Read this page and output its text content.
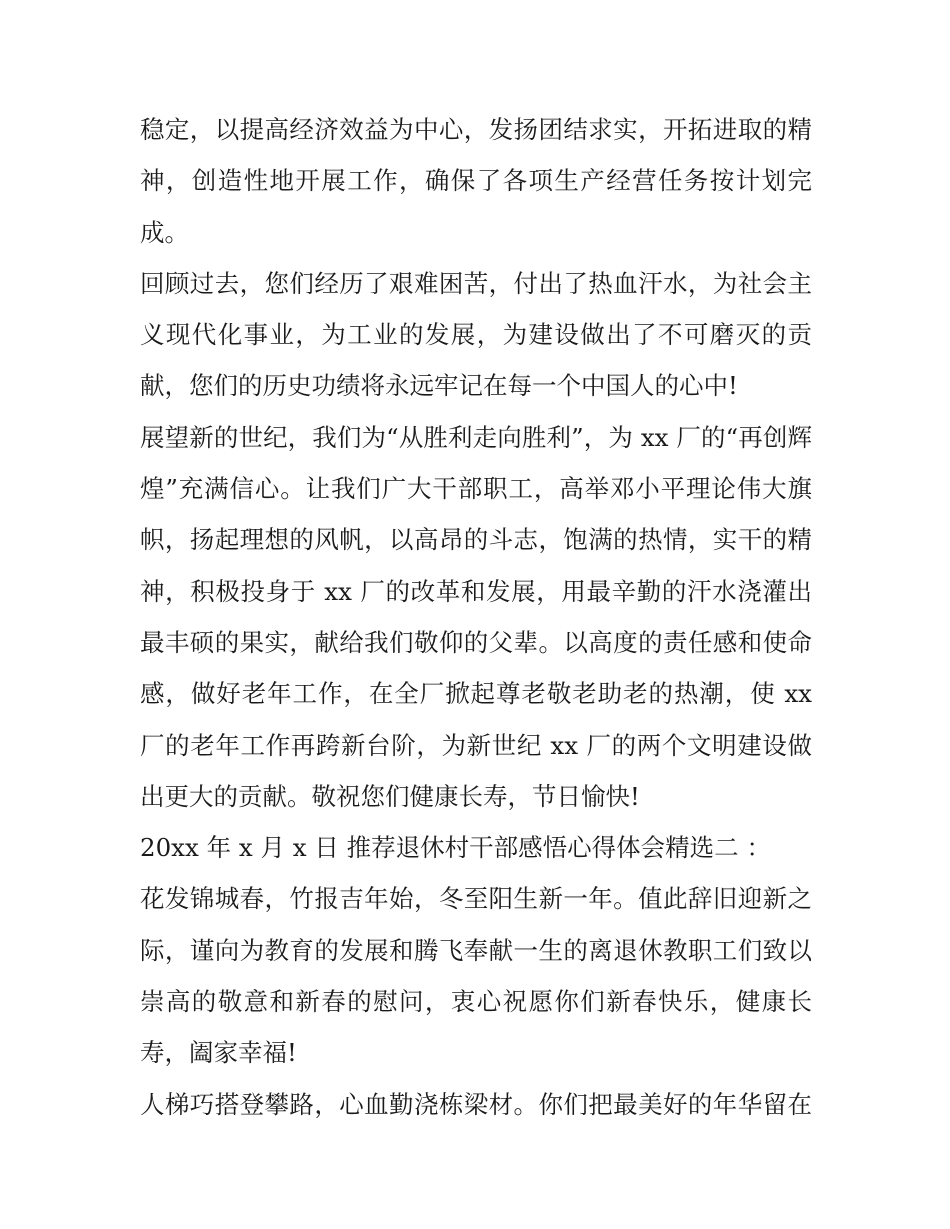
稳定，以提高经济效益为中心，发扬团结求实，开拓进取的精
神，创造性地开展工作，确保了各项生产经营任务按计划完
成。
回顾过去，您们经历了艰难困苦，付出了热血汗水，为社会主
义现代化事业，为工业的发展，为建设做出了不可磨灭的贡
献，您们的历史功绩将永远牢记在每一个中国人的心中!
展望新的世纪，我们为“从胜利走向胜利”，为 xx 厂的“再创辉
煌”充满信心。让我们广大干部职工，高举邓小平理论伟大旗
帜，扬起理想的风帆，以高昂的斗志，饱满的热情，实干的精
神，积极投身于 xx 厂的改革和发展，用最辛勤的汗水浇灌出
最丰硕的果实，献给我们敬仰的父辈。以高度的责任感和使命
感，做好老年工作，在全厂掀起尊老敬老助老的热潮，使 xx
厂的老年工作再跨新台阶，为新世纪 xx 厂的两个文明建设做
出更大的贡献。敬祝您们健康长寿，节日愉快!
20xx 年 x 月 x 日 推荐退休村干部感悟心得体会精选二 ：
花发锦城春，竹报吉年始，冬至阳生新一年。值此辞旧迎新之
际，谨向为教育的发展和腾飞奉献一生的离退休教职工们致以
崇高的敬意和新春的慰问，衷心祝愿你们新春快乐，健康长
寿，阖家幸福!
人梯巧搭登攀路，心血勤浇栋梁材。你们把最美好的年华留在
